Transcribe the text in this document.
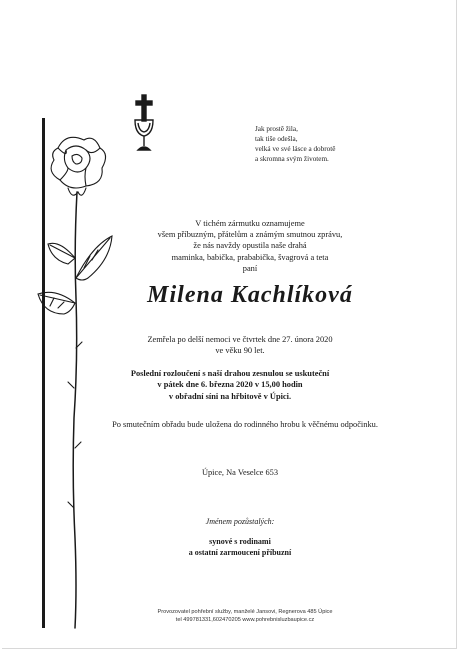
Jak prostě žila,
tak tiše odešla,
velká ve své lásce a dobrotě
a skromna svým životem.
V tichém zármutku oznamujeme
všem příbuzným, přátelům a známým smutnou zprávu,
že nás navždy opustila naše drahá
maminka, babička, prababička, švagrová a teta
paní
Milena Kachlíková
Zemřela po delší nemoci ve čtvrtek dne 27. února 2020
ve věku 90 let.
Poslední rozloučení s naší drahou zesnulou se uskuteční
v pátek dne 6. března 2020 v 15,00 hodin
v obřadní síni na hřbitově v Úpici.
Po smutečním obřadu bude uložena do rodinného hrobu k věčnému odpočinku.
Úpice, Na Veselce 653
Jménem pozůstalých:
synové s rodinami
a ostatní zarmoucení příbuzní
Provozovatel pohřební služby, manželé Jansovi, Regnerova 485 Úpice
tel 499781331,602470205 www.pohrebnisluzbaupice.cz
